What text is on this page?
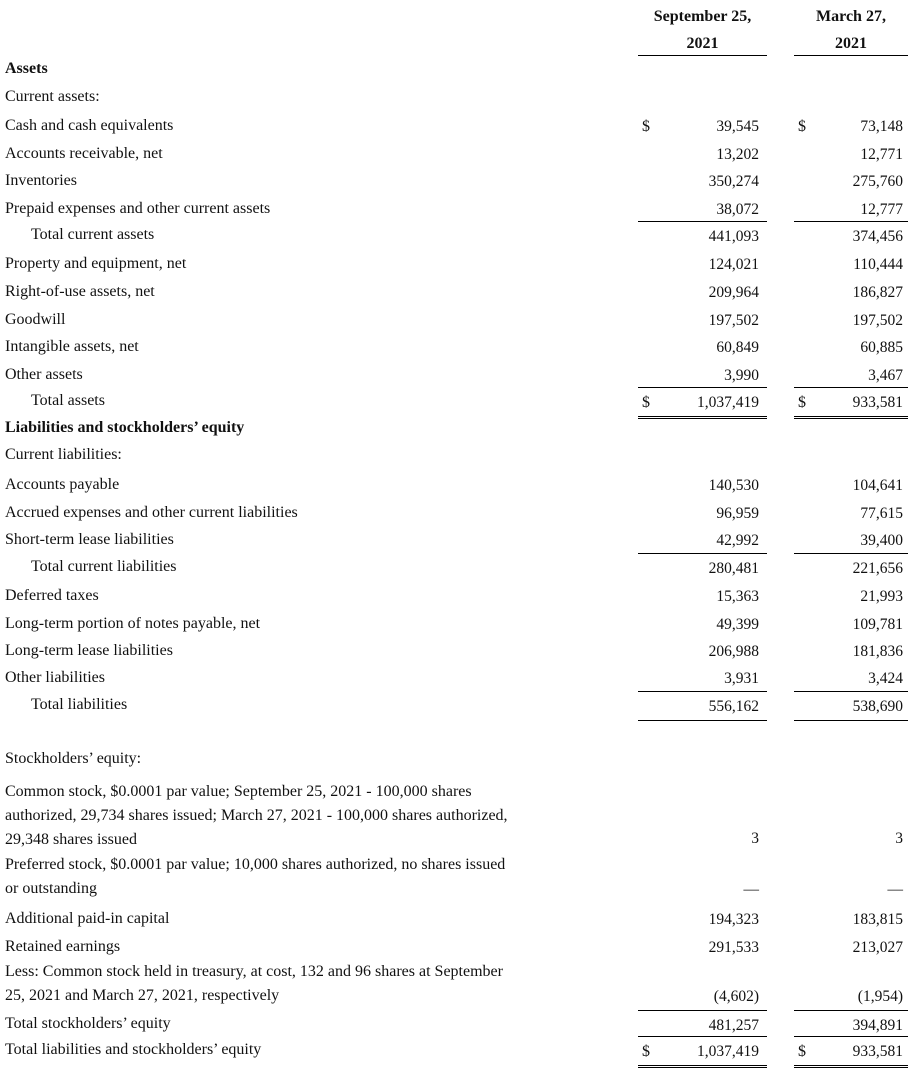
September 25,
2021
March 27,
2021
Assets
Current assets:
Cash and cash equivalents	$	39,545 $	73,148
Accounts receivable, net	13,202	12,771
Inventories	350,274	275,760
Prepaid expenses and other current assets	38,072	12,777
Total current assets	441,093	374,456
Property and equipment, net	124,021	110,444
Right-of-use assets, net	209,964	186,827
Goodwill	197,502	197,502
Intangible assets, net	60,849	60,885
Other assets	3,990	3,467
Total assets	$	1,037,419 $	933,581
Liabilities and stockholders’ equity
Current liabilities:
Accounts payable	140,530	104,641
Accrued expenses and other current liabilities	96,959	77,615
Short-term lease liabilities	42,992	39,400
Total current liabilities	280,481	221,656
Deferred taxes	15,363	21,993
Long-term portion of notes payable, net	49,399	109,781
Long-term lease liabilities	206,988	181,836
Other liabilities	3,931	3,424
Total liabilities	556,162	538,690
Stockholders’ equity:
Common stock, $0.0001 par value; September 25, 2021 - 100,000 shares
authorized, 29,734 shares issued; March 27, 2021 - 100,000 shares authorized,
29,348 shares issued	3	3
Preferred stock, $0.0001 par value; 10,000 shares authorized, no shares issued
or outstanding	—	—
Additional paid-in capital	194,323	183,815
Retained earnings	291,533	213,027
Less: Common stock held in treasury, at cost, 132 and 96 shares at September
25, 2021 and March 27, 2021, respectively	(4,602)	(1,954)
Total stockholders’ equity	481,257	394,891
Total liabilities and stockholders’ equity	$	1,037,419 $	933,581
